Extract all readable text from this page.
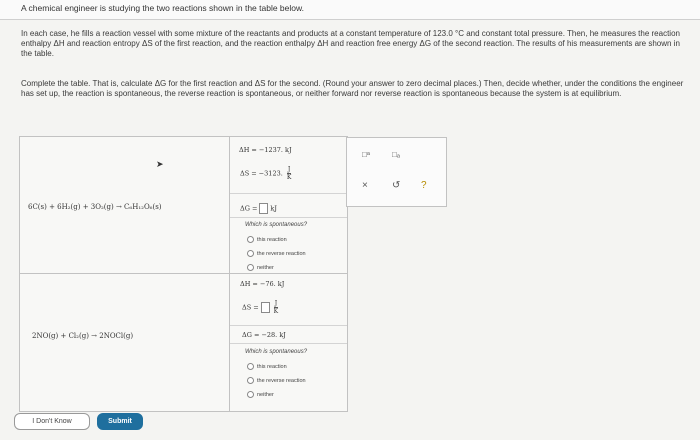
A chemical engineer is studying the two reactions shown in the table below.
In each case, he fills a reaction vessel with some mixture of the reactants and products at a constant temperature of 123.0 °C and constant total pressure. Then, he measures the reaction enthalpy ΔH and reaction entropy ΔS of the first reaction, and the reaction enthalpy ΔH and reaction free energy ΔG of the second reaction. The results of his measurements are shown in the table.
Complete the table. That is, calculate ΔG for the first reaction and ΔS for the second. (Round your answer to zero decimal places.) Then, decide whether, under the conditions the engineer has set up, the reaction is spontaneous, the reverse reaction is spontaneous, or neither forward nor reverse reaction is spontaneous because the system is at equilibrium.
6C(s) + 6H₂(g) + 3O₂(g) → C₆H₁₂O₆(s)
ΔH = −1237. kJ
ΔS = −3123. $\frac{J}{K}$
ΔG = kJ
Which is spontaneous?
this reaction
the reverse reaction
neither
2NO(g) + Cl₂(g) → 2NOCl(g)
ΔH = −76. kJ
ΔS =	$\frac{J}{K}$
ΔG = −28. kJ
Which is spontaneous?
this reaction
the reverse reaction
neither
➤
□ᵃ	□ₐ
× ↺ ?
I Don't Know	Submit
